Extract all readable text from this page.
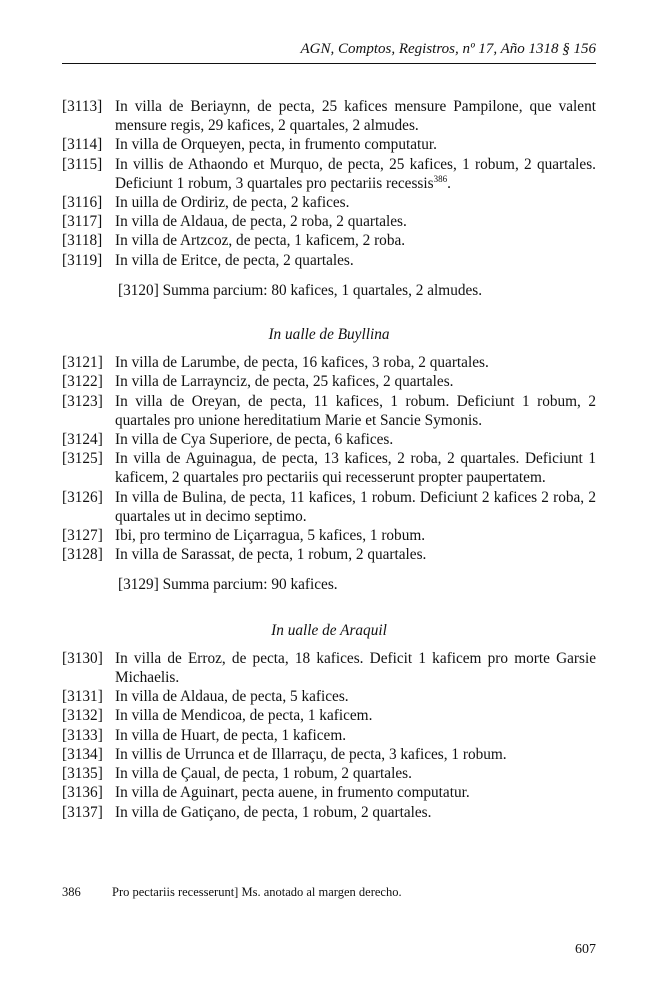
AGN, Comptos, Registros, nº 17, Año 1318 § 156
[3113] In villa de Beriaynn, de pecta, 25 kafices mensure Pampilone, que valent mensure regis, 29 kafices, 2 quartales, 2 almudes.
[3114] In villa de Orqueyen, pecta, in frumento computatur.
[3115] In villis de Athaondo et Murquo, de pecta, 25 kafices, 1 robum, 2 quartales. Deficiunt 1 robum, 3 quartales pro pectariis recessis$^{386}$.
[3116] In uilla de Ordiriz, de pecta, 2 kafices.
[3117] In villa de Aldaua, de pecta, 2 roba, 2 quartales.
[3118] In villa de Artzcoz, de pecta, 1 kaficem, 2 roba.
[3119] In villa de Eritce, de pecta, 2 quartales.
[3120] Summa parcium: 80 kafices, 1 quartales, 2 almudes.
In ualle de Buyllina
[3121] In villa de Larumbe, de pecta, 16 kafices, 3 roba, 2 quartales.
[3122] In villa de Larraynciz, de pecta, 25 kafices, 2 quartales.
[3123] In villa de Oreyan, de pecta, 11 kafices, 1 robum. Deficiunt 1 robum, 2 quartales pro unione hereditatium Marie et Sancie Symonis.
[3124] In villa de Cya Superiore, de pecta, 6 kafices.
[3125] In villa de Aguinagua, de pecta, 13 kafices, 2 roba, 2 quartales. Deficiunt 1 kaficem, 2 quartales pro pectariis qui recesserunt propter paupertatem.
[3126] In villa de Bulina, de pecta, 11 kafices, 1 robum. Deficiunt 2 kafices 2 roba, 2 quartales ut in decimo septimo.
[3127] Ibi, pro termino de Liçarragua, 5 kafices, 1 robum.
[3128] In villa de Sarassat, de pecta, 1 robum, 2 quartales.
[3129] Summa parcium: 90 kafices.
In ualle de Araquil
[3130] In villa de Erroz, de pecta, 18 kafices. Deficit 1 kaficem pro morte Garsie Michaelis.
[3131] In villa de Aldaua, de pecta, 5 kafices.
[3132] In villa de Mendicoa, de pecta, 1 kaficem.
[3133] In villa de Huart, de pecta, 1 kaficem.
[3134] In villis de Urrunca et de Illarraçu, de pecta, 3 kafices, 1 robum.
[3135] In villa de Çaual, de pecta, 1 robum, 2 quartales.
[3136] In villa de Aguinart, pecta auene, in frumento computatur.
[3137] In villa de Gatiçano, de pecta, 1 robum, 2 quartales.
386	Pro pectariis recesserunt] Ms. anotado al margen derecho.
607
